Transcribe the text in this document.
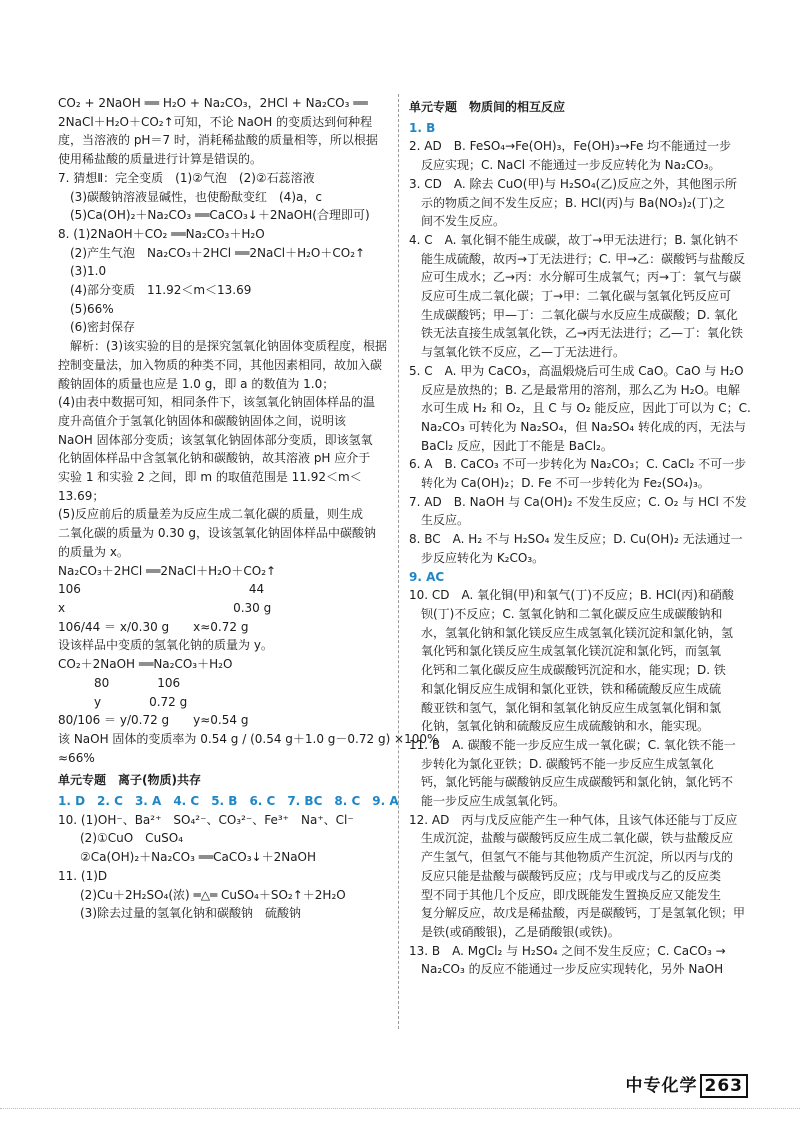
CO₂ + 2NaOH ══ H₂O + Na₂CO₃，2HCl + Na₂CO₃ ══
2NaCl＋H₂O＋CO₂↑可知，不论 NaOH 的变质达到何种程
度，当溶液的 pH＝7 时，消耗稀盐酸的质量相等，所以根据
使用稀盐酸的质量进行计算是错误的。
7. 猜想Ⅱ：完全变质　(1)②气泡　(2)②石蕊溶液
(3)碳酸钠溶液显碱性，也使酚酞变红　(4)a，c
(5)Ca(OH)₂＋Na₂CO₃ ══CaCO₃↓＋2NaOH(合理即可)
8. (1)2NaOH＋CO₂ ══Na₂CO₃＋H₂O
(2)产生气泡　Na₂CO₃＋2HCl ══2NaCl＋H₂O＋CO₂↑
(3)1.0
(4)部分变质　11.92＜m＜13.69
(5)66%
(6)密封保存
解析：(3)该实验的目的是探究氢氧化钠固体变质程度，根据
控制变量法，加入物质的种类不同，其他因素相同，故加入碳
酸钠固体的质量也应是 1.0 g，即 a 的数值为 1.0；
(4)由表中数据可知，相同条件下，该氢氧化钠固体样品的温
度升高值介于氢氧化钠固体和碳酸钠固体之间，说明该
NaOH 固体部分变质；该氢氧化钠固体部分变质，即该氢氧
化钠固体样品中含氢氧化钠和碳酸钠，故其溶液 pH 应介于
实验 1 和实验 2 之间，即 m 的取值范围是 11.92＜m＜
13.69；
(5)反应前后的质量差为反应生成二氧化碳的质量，则生成
二氧化碳的质量为 0.30 g，设该氢氧化钠固体样品中碳酸钠
的质量为 x。
Na₂CO₃＋2HCl ══2NaCl＋H₂O＋CO₂↑
106　　　　　　　　　　　　　　44
x　　　　　　　　　　　　　　0.30 g
106/44 ＝ x/0.30 g　　x≈0.72 g
设该样品中变质的氢氧化钠的质量为 y。
CO₂＋2NaOH ══Na₂CO₃＋H₂O
　　　80　　　　106
　　　y　　　　0.72 g
80/106 ＝ y/0.72 g　　y≈0.54 g
该 NaOH 固体的变质率为 0.54 g / (0.54 g＋1.0 g－0.72 g) ×100%
≈66%
单元专题　离子(物质)共存
1. D　2. C　3. A　4. C　5. B　6. C　7. BC　8. C　9. A
10. (1)OH⁻、Ba²⁺　SO₄²⁻、CO₃²⁻、Fe³⁺　Na⁺、Cl⁻
(2)①CuO　CuSO₄
②Ca(OH)₂＋Na₂CO₃ ══CaCO₃↓＋2NaOH
11. (1)D
(2)Cu＋2H₂SO₄(浓) ═△═ CuSO₄＋SO₂↑＋2H₂O
(3)除去过量的氢氧化钠和碳酸钠　硫酸钠
单元专题　物质间的相互反应
1. B
2. AD　B. FeSO₄→Fe(OH)₃，Fe(OH)₃→Fe 均不能通过一步
反应实现；C. NaCl 不能通过一步反应转化为 Na₂CO₃。
3. CD　A. 除去 CuO(甲)与 H₂SO₄(乙)反应之外，其他图示所
示的物质之间不发生反应；B. HCl(丙)与 Ba(NO₃)₂(丁)之
间不发生反应。
4. C　A. 氧化铜不能生成碳，故丁→甲无法进行；B. 氯化钠不
能生成硫酸，故丙→丁无法进行；C. 甲→乙：碳酸钙与盐酸反
应可生成水；乙→丙：水分解可生成氧气；丙→丁：氧气与碳
反应可生成二氧化碳；丁→甲：二氧化碳与氢氧化钙反应可
生成碳酸钙；甲—丁：二氧化碳与水反应生成碳酸；D. 氧化
铁无法直接生成氢氧化铁，乙→丙无法进行；乙—丁：氧化铁
与氢氧化铁不反应，乙—丁无法进行。
5. C　A. 甲为 CaCO₃，高温煅烧后可生成 CaO。CaO 与 H₂O
反应是放热的；B. 乙是最常用的溶剂，那么乙为 H₂O。电解
水可生成 H₂ 和 O₂，且 C 与 O₂ 能反应，因此丁可以为 C；C.
Na₂CO₃ 可转化为 Na₂SO₄，但 Na₂SO₄ 转化成的丙，无法与
BaCl₂ 反应，因此丁不能是 BaCl₂。
6. A　B. CaCO₃ 不可一步转化为 Na₂CO₃；C. CaCl₂ 不可一步
转化为 Ca(OH)₂；D. Fe 不可一步转化为 Fe₂(SO₄)₃。
7. AD　B. NaOH 与 Ca(OH)₂ 不发生反应；C. O₂ 与 HCl 不发
生反应。
8. BC　A. H₂ 不与 H₂SO₄ 发生反应；D. Cu(OH)₂ 无法通过一
步反应转化为 K₂CO₃。
9. AC
10. CD　A. 氧化铜(甲)和氧气(丁)不反应；B. HCl(丙)和硝酸
钡(丁)不反应；C. 氢氧化钠和二氧化碳反应生成碳酸钠和
水，氢氧化钠和氯化镁反应生成氢氧化镁沉淀和氯化钠，氢
氧化钙和氯化镁反应生成氢氧化镁沉淀和氯化钙，而氢氧
化钙和二氧化碳反应生成碳酸钙沉淀和水，能实现；D. 铁
和氯化铜反应生成铜和氯化亚铁，铁和稀硫酸反应生成硫
酸亚铁和氢气，氯化铜和氢氧化钠反应生成氢氧化铜和氯
化钠，氢氧化钠和硫酸反应生成硫酸钠和水，能实现。
11. B　A. 碳酸不能一步反应生成一氧化碳；C. 氧化铁不能一
步转化为氯化亚铁；D. 碳酸钙不能一步反应生成氢氧化
钙，氯化钙能与碳酸钠反应生成碳酸钙和氯化钠，氯化钙不
能一步反应生成氢氧化钙。
12. AD　丙与戊反应能产生一种气体，且该气体还能与丁反应
生成沉淀，盐酸与碳酸钙反应生成二氧化碳，铁与盐酸反应
产生氢气，但氢气不能与其他物质产生沉淀，所以丙与戊的
反应只能是盐酸与碳酸钙反应；戊与甲或戊与乙的反应类
型不同于其他几个反应，即戊既能发生置换反应又能发生
复分解反应，故戊是稀盐酸，丙是碳酸钙，丁是氢氧化钡；甲
是铁(或硝酸银)，乙是硝酸银(或铁)。
13. B　A. MgCl₂ 与 H₂SO₄ 之间不发生反应；C. CaCO₃ →
Na₂CO₃ 的反应不能通过一步反应实现转化，另外 NaOH
中专化学 263
